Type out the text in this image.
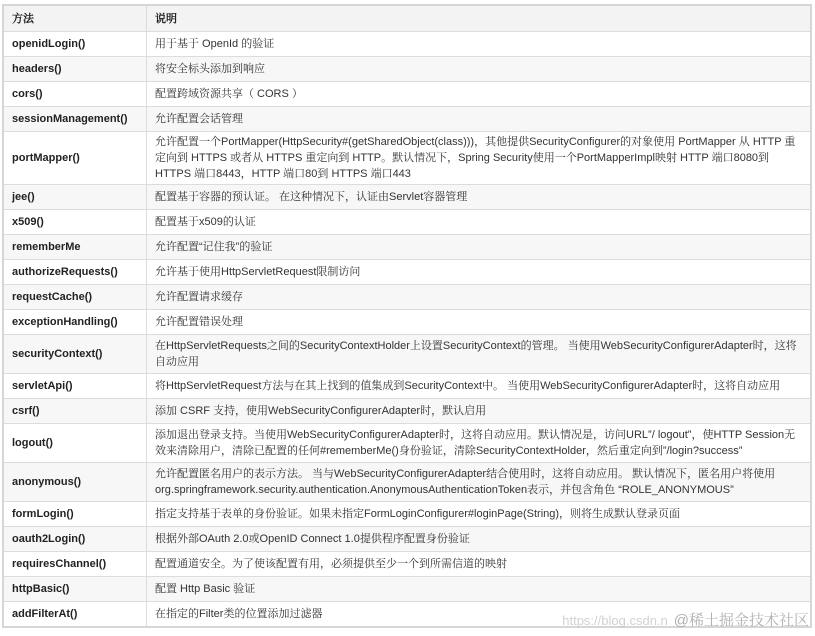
方法	说明
openidLogin()	用于基于 OpenId 的验证
headers()	将安全标头添加到响应
cors()	配置跨域资源共享（ CORS ）
sessionManagement()	允许配置会话管理
portMapper()	允许配置一个PortMapper(HttpSecurity#(getSharedObject(class)))，其他提供SecurityConfigurer的对象使用 PortMapper 从 HTTP 重定向到 HTTPS 或者从 HTTPS 重定向到 HTTP。默认情况下，Spring Security使用一个PortMapperImpl映射 HTTP 端口8080到 HTTPS 端口8443，HTTP 端口80到 HTTPS 端口443
jee()	配置基于容器的预认证。 在这种情况下，认证由Servlet容器管理
x509()	配置基于x509的认证
rememberMe	允许配置“记住我”的验证
authorizeRequests()	允许基于使用HttpServletRequest限制访问
requestCache()	允许配置请求缓存
exceptionHandling()	允许配置错误处理
securityContext()	在HttpServletRequests之间的SecurityContextHolder上设置SecurityContext的管理。 当使用WebSecurityConfigurerAdapter时，这将自动应用
servletApi()	将HttpServletRequest方法与在其上找到的值集成到SecurityContext中。 当使用WebSecurityConfigurerAdapter时，这将自动应用
csrf()	添加 CSRF 支持，使用WebSecurityConfigurerAdapter时，默认启用
logout()	添加退出登录支持。当使用WebSecurityConfigurerAdapter时，这将自动应用。默认情况是，访问URL”/ logout”，使HTTP Session无效来清除用户，清除已配置的任何#rememberMe()身份验证，清除SecurityContextHolder，然后重定向到”/login?success”
anonymous()	允许配置匿名用户的表示方法。 当与WebSecurityConfigurerAdapter结合使用时，这将自动应用。 默认情况下，匿名用户将使用org.springframework.security.authentication.AnonymousAuthenticationToken表示，并包含角色 “ROLE_ANONYMOUS”
formLogin()	指定支持基于表单的身份验证。如果未指定FormLoginConfigurer#loginPage(String)，则将生成默认登录页面
oauth2Login()	根据外部OAuth 2.0或OpenID Connect 1.0提供程序配置身份验证
requiresChannel()	配置通道安全。为了使该配置有用，必须提供至少一个到所需信道的映射
httpBasic()	配置 Http Basic 验证
addFilterAt()	在指定的Filter类的位置添加过滤器	https://blog.csdn.n @稀土掘金技术社区
